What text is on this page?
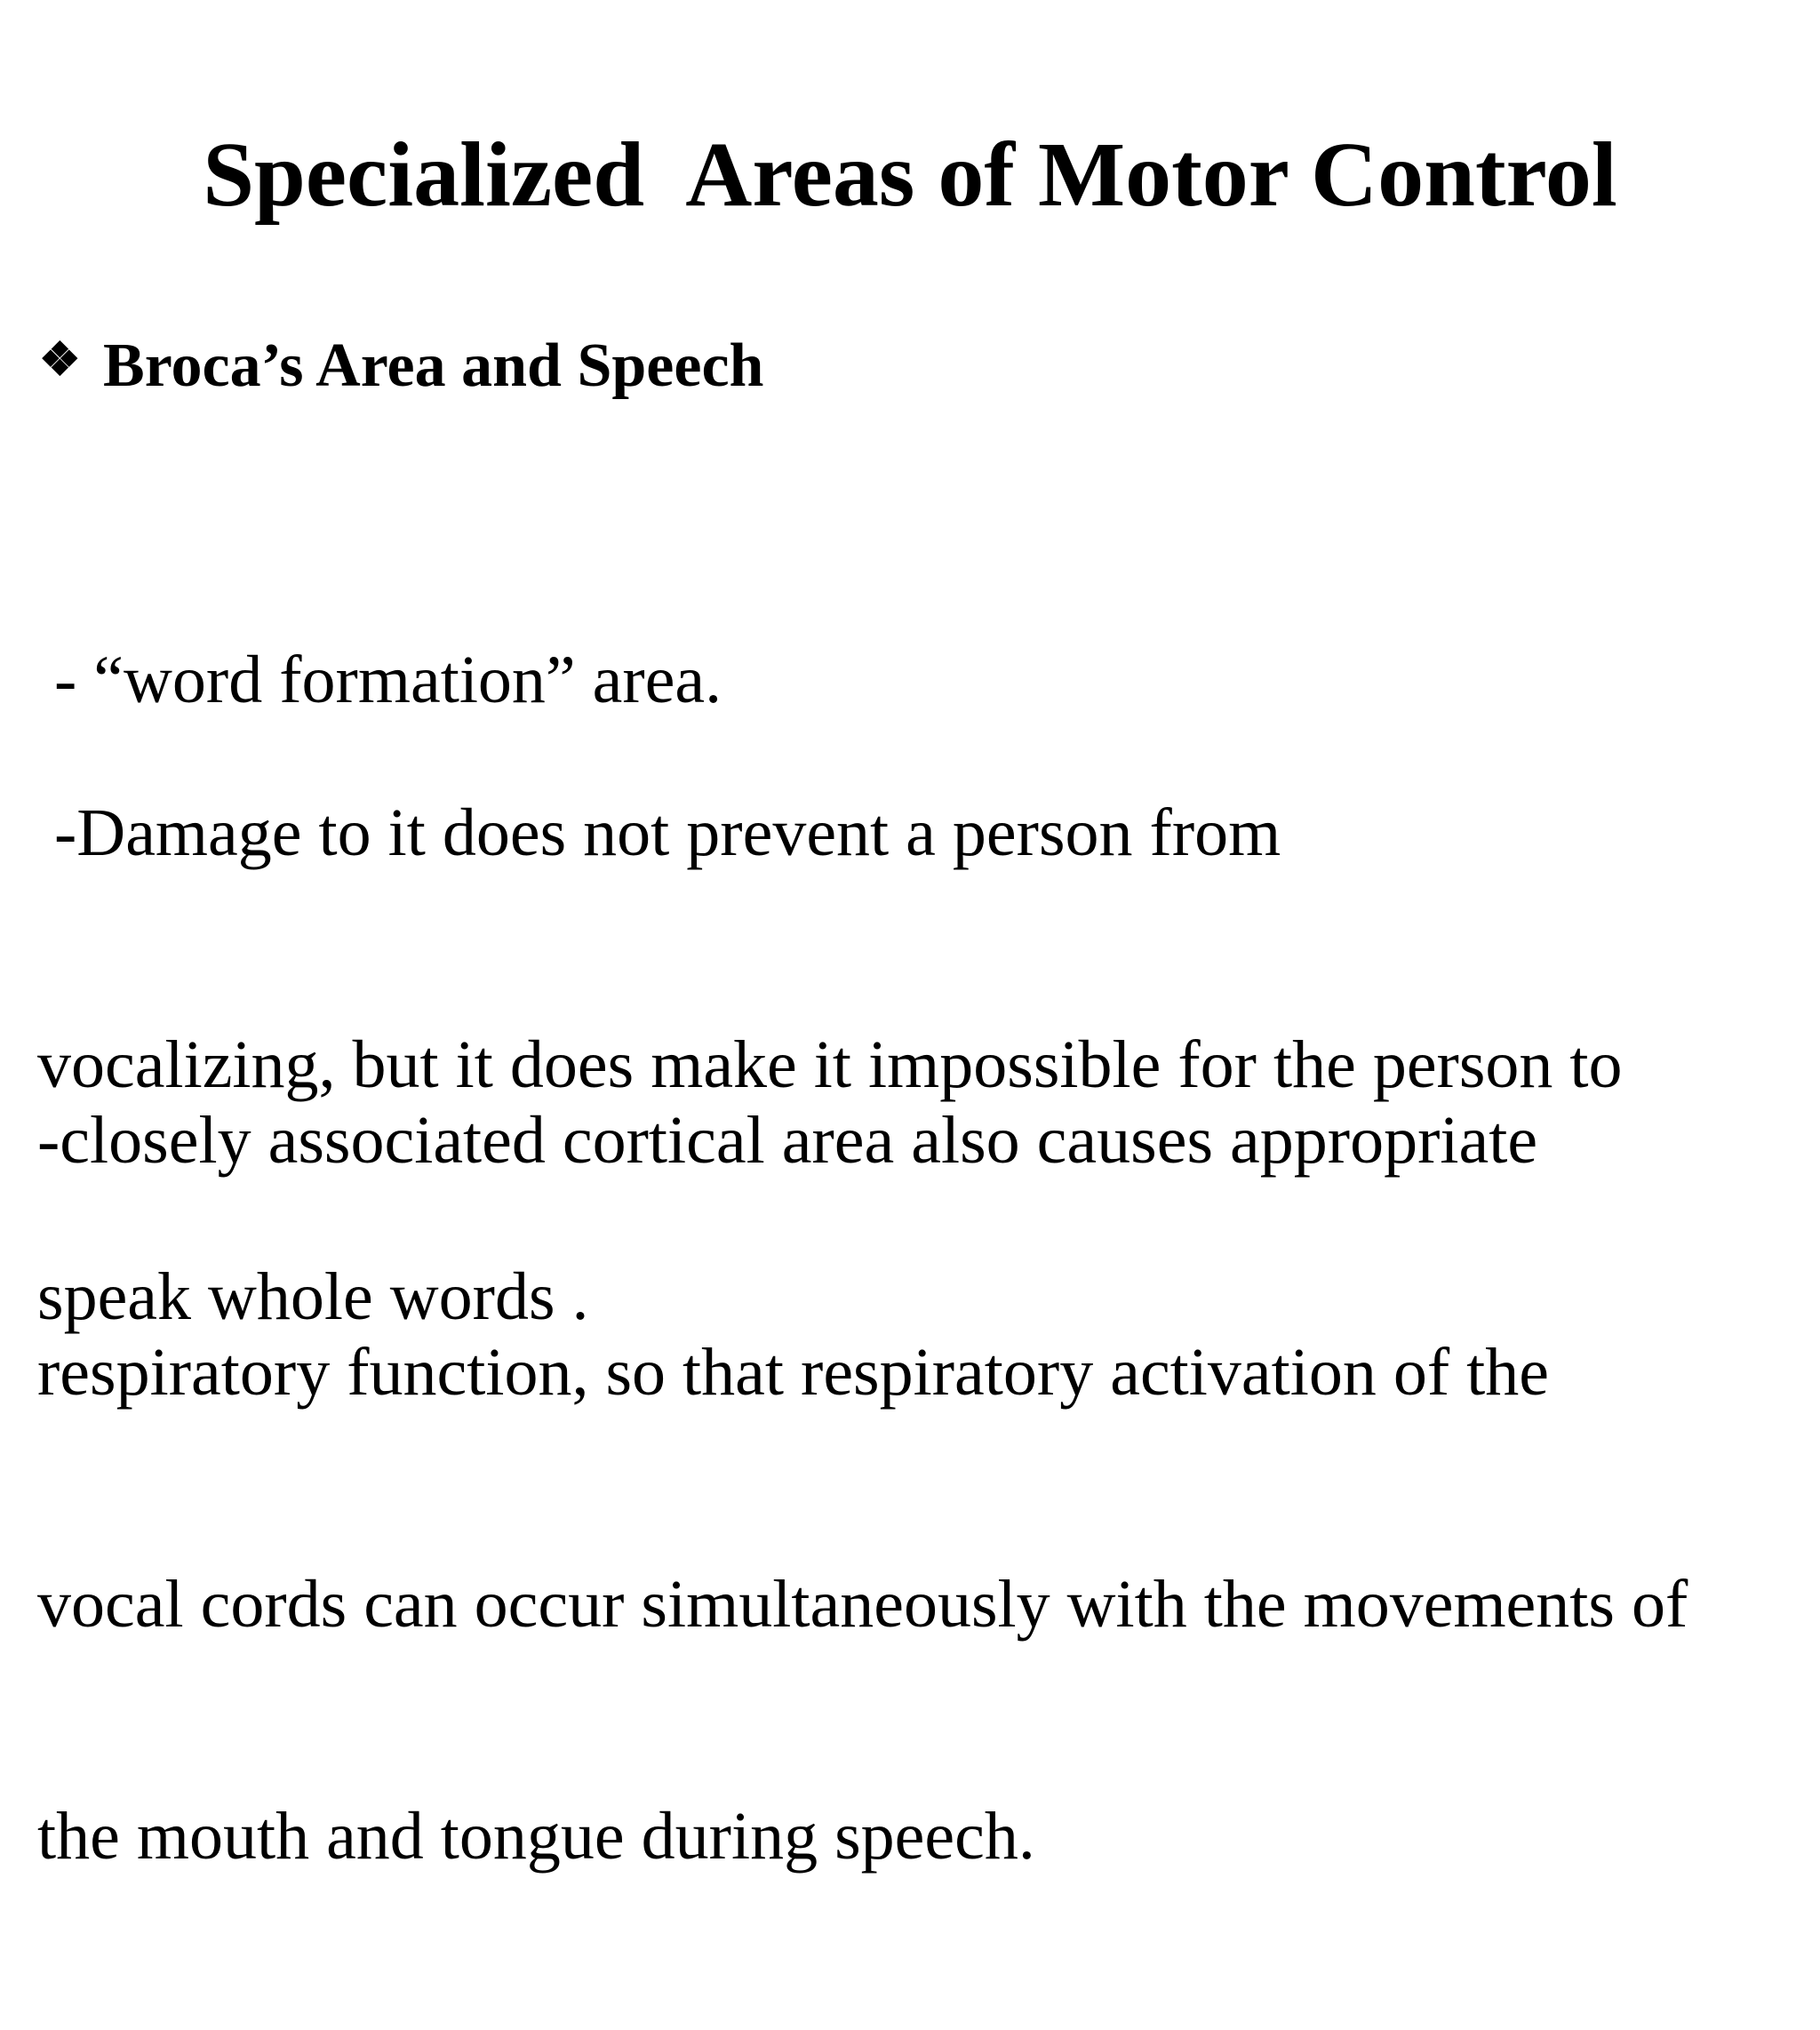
Specialized  Areas of Motor Control
❖ Broca’s Area and Speech

- “word formation” area.

-Damage to it does not prevent a person from

vocalizing, but it does make it impossible for the person to

speak whole words .

-closely associated cortical area also causes appropriate

respiratory function, so that respiratory activation of the

vocal cords can occur simultaneously with the movements of

the mouth and tongue during speech.
